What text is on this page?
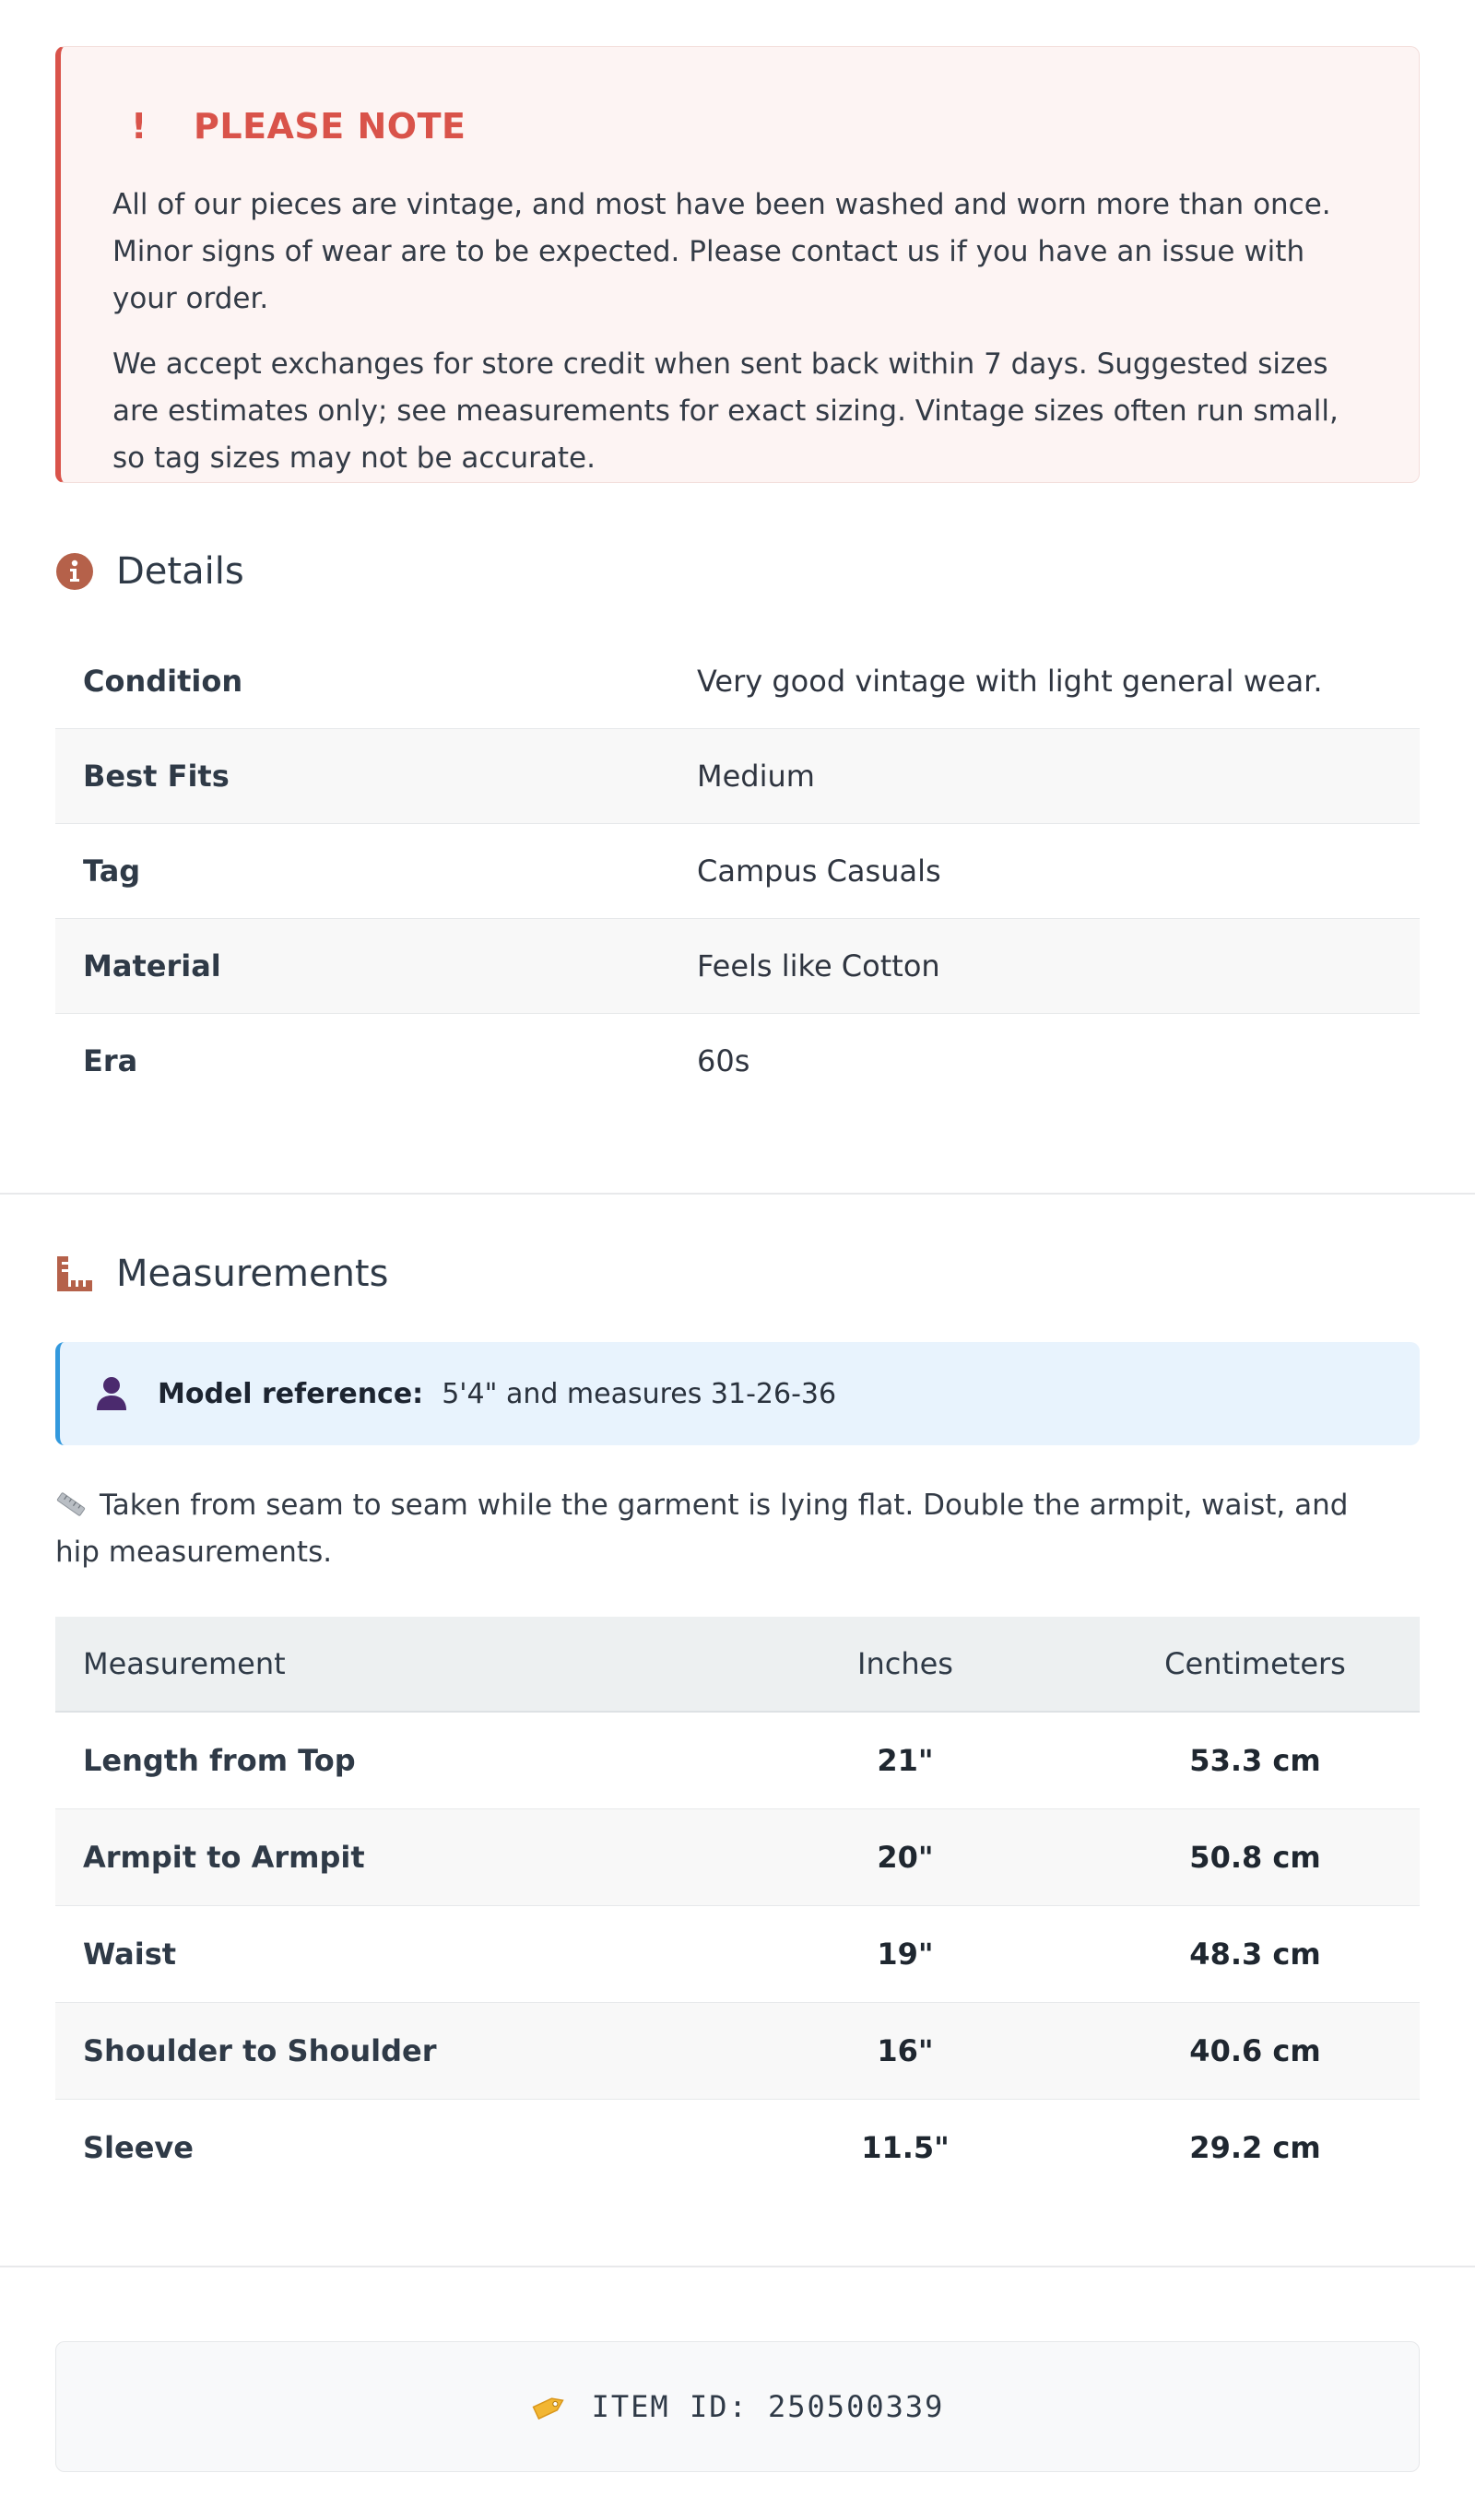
!	PLEASE NOTE

All of our pieces are vintage, and most have been washed and worn more than once. Minor signs of wear are to be expected. Please contact us if you have an issue with your order.

We accept exchanges for store credit when sent back within 7 days. Suggested sizes are estimates only; see measurements for exact sizing. Vintage sizes often run small, so tag sizes may not be accurate.

Details
Condition	Very good vintage with light general wear.
Best Fits	Medium
Tag	Campus Casuals
Material	Feels like Cotton
Era	60s
Measurements
Model reference: 5'4" and measures 31-26-36
Taken from seam to seam while the garment is lying flat. Double the armpit, waist, and hip measurements.
Measurement	Inches	Centimeters
Length from Top	21"	53.3 cm
Armpit to Armpit	20"	50.8 cm
Waist	19"	48.3 cm
Shoulder to Shoulder	16"	40.6 cm
Sleeve	11.5"	29.2 cm
ITEM ID: 250500339
